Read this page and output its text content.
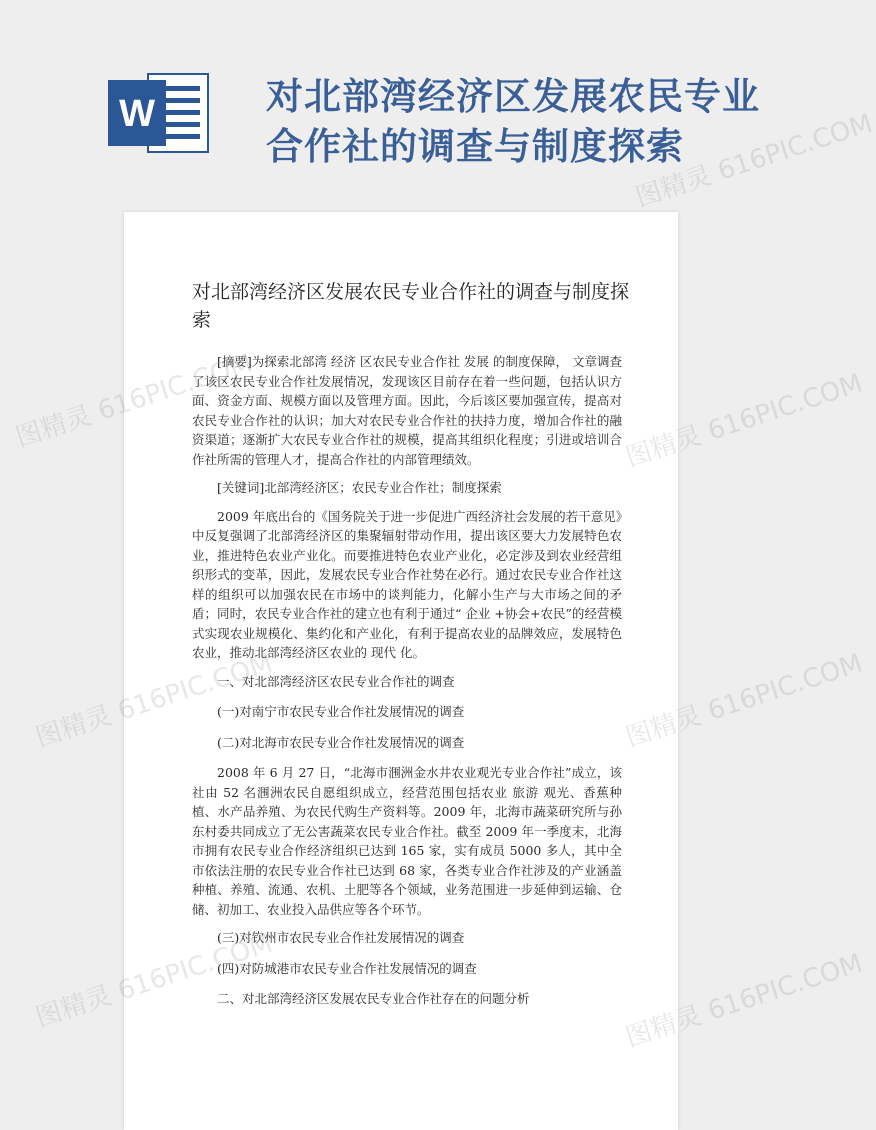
W	对北部湾经济区发展农民专业合作社的调查与制度探索
对北部湾经济区发展农民专业合作社的调查与制度探索

[摘要]为探索北部湾 经济 区农民专业合作社 发展 的制度保障， 文章调查了该区农民专业合作社发展情况，发现该区目前存在着一些问题，包括认识方面、资金方面、规模方面以及管理方面。因此，今后该区要加强宣传，提高对农民专业合作社的认识；加大对农民专业合作社的扶持力度，增加合作社的融资渠道；逐渐扩大农民专业合作社的规模，提高其组织化程度；引进或培训合作社所需的管理人才，提高合作社的内部管理绩效。

[关键词]北部湾经济区；农民专业合作社；制度探索

2009 年底出台的《国务院关于进一步促进广西经济社会发展的若干意见》中反复强调了北部湾经济区的集聚辐射带动作用，提出该区要大力发展特色农业，推进特色农业产业化。而要推进特色农业产业化，必定涉及到农业经营组织形式的变革，因此，发展农民专业合作社势在必行。通过农民专业合作社这样的组织可以加强农民在市场中的谈判能力，化解小生产与大市场之间的矛盾；同时，农民专业合作社的建立也有利于通过“ 企业 +协会+农民”的经营模式实现农业规模化、集约化和产业化，有利于提高农业的品牌效应，发展特色农业，推动北部湾经济区农业的 现代 化。

一、对北部湾经济区农民专业合作社的调查

(一)对南宁市农民专业合作社发展情况的调查

(二)对北海市农民专业合作社发展情况的调查

2008 年 6 月 27 日，“北海市涠洲金水井农业观光专业合作社”成立，该社由 52 名涠洲农民自愿组织成立，经营范围包括农业 旅游 观光、香蕉种植、水产品养殖、为农民代购生产资料等。2009 年，北海市蔬菜研究所与孙东村委共同成立了无公害蔬菜农民专业合作社。截至 2009 年一季度末，北海市拥有农民专业合作经济组织已达到 165 家，实有成员 5000 多人，其中全市依法注册的农民专业合作社已达到 68 家，各类专业合作社涉及的产业涵盖种植、养殖、流通、农机、土肥等各个领域，业务范围进一步延伸到运输、仓储、初加工、农业投入品供应等各个环节。

(三)对钦州市农民专业合作社发展情况的调查

(四)对防城港市农民专业合作社发展情况的调查

二、对北部湾经济区发展农民专业合作社存在的问题分析

图精灵 616PIC.COM
图精灵	图精灵 616PIC.COM
图精灵	图精灵 616PIC.COM
图精灵	图精灵 616PIC.COM
